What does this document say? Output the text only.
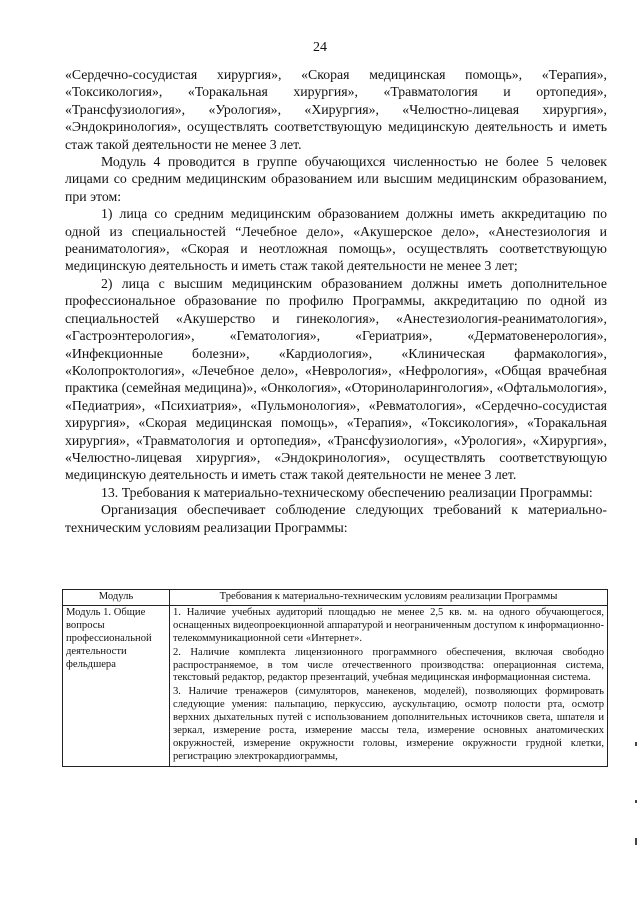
24

«Сердечно-сосудистая хирургия», «Скорая медицинская помощь», «Терапия», «Токсикология», «Торакальная хирургия», «Травматология и ортопедия», «Трансфузиология», «Урология», «Хирургия», «Челюстно-лицевая хирургия», «Эндокринология», осуществлять соответствующую медицинскую деятельность и иметь стаж такой деятельности не менее 3 лет.

Модуль 4 проводится в группе обучающихся численностью не более 5 человек лицами со средним медицинским образованием или высшим медицинским образованием, при этом:

1) лица со средним медицинским образованием должны иметь аккредитацию по одной из специальностей “Лечебное дело», «Акушерское дело», «Анестезиология и реаниматология», «Скорая и неотложная помощь», осуществлять соответствующую медицинскую деятельность и иметь стаж такой деятельности не менее 3 лет;

2) лица с высшим медицинским образованием должны иметь дополнительное профессиональное образование по профилю Программы, аккредитацию по одной из специальностей «Акушерство и гинекология», «Анестезиология-реаниматология», «Гастроэнтерология», «Гематология», «Гериатрия», «Дерматовенерология», «Инфекционные болезни», «Кардиология», «Клиническая фармакология», «Колопроктология», «Лечебное дело», «Неврология», «Нефрология», «Общая врачебная практика (семейная медицина)», «Онкология», «Оториноларингология», «Офтальмология», «Педиатрия», «Психиатрия», «Пульмонология», «Ревматология», «Сердечно-сосудистая хирургия», «Скорая медицинская помощь», «Терапия», «Токсикология», «Торакальная хирургия», «Травматология и ортопедия», «Трансфузиология», «Урология», «Хирургия», «Челюстно-лицевая хирургия», «Эндокринология», осуществлять соответствующую медицинскую деятельность и иметь стаж такой деятельности не менее 3 лет.

13. Требования к материально-техническому обеспечению реализации Программы:

Организация обеспечивает соблюдение следующих требований к материально-техническим условиям реализации Программы:

Модуль	Требования к материально-техническим условиям реализации Программы
Модуль 1. Общие вопросы профессиональной деятельности фельдшера	1. Наличие учебных аудиторий площадью не менее 2,5 кв. м. на одного обучающегося, оснащенных видеопроекционной аппаратурой и неограниченным доступом к информационно-телекоммуникационной сети «Интернет».
2. Наличие комплекта лицензионного программного обеспечения, включая свободно распространяемое, в том числе отечественного производства: операционная система, текстовый редактор, редактор презентаций, учебная медицинская информационная система.
3. Наличие тренажеров (симуляторов, манекенов, моделей), позволяющих формировать следующие умения: пальпацию, перкуссию, аускультацию, осмотр полости рта, осмотр верхних дыхательных путей с использованием дополнительных источников света, шпателя и зеркал, измерение роста, измерение массы тела, измерение основных анатомических окружностей, измерение окружности головы, измерение окружности грудной клетки, регистрацию электрокардиограммы,
